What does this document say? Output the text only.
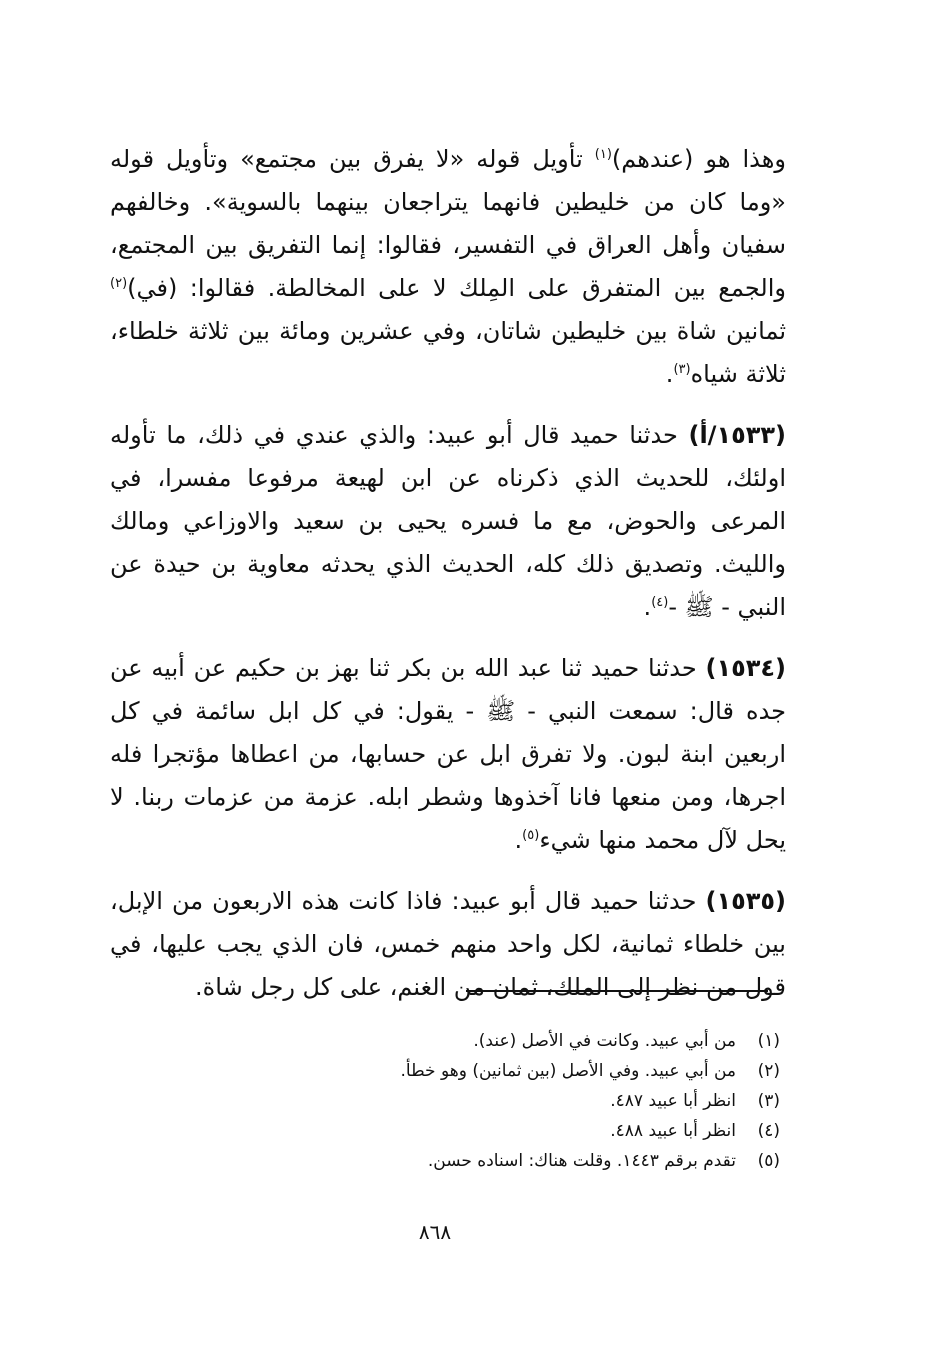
وهذا هو (عندهم)$^{(١)}$ تأويل قوله «لا يفرق بين مجتمع» وتأويل قوله «وما كان من خليطين فانهما يتراجعان بينهما بالسوية». وخالفهم سفيان وأهل العراق في التفسير، فقالوا: إنما التفريق بين المجتمع، والجمع بين المتفرق على المِلك لا على المخالطة. فقالوا: (في)$^{(٢)}$ ثمانين شاة بين خليطين شاتان، وفي عشرين ومائة بين ثلاثة خلطاء، ثلاثة شياه$^{(٣)}$.

(١٥٣٣/أ) حدثنا حميد قال أبو عبيد: والذي عندي في ذلك، ما تأوله اولئك، للحديث الذي ذكرناه عن ابن لهيعة مرفوعا مفسرا، في المرعى والحوض، مع ما فسره يحيى بن سعيد والاوزاعي ومالك والليث. وتصديق ذلك كله، الحديث الذي يحدثه معاوية بن حيدة عن النبي - ﷺ -$^{(٤)}$.

(١٥٣٤) حدثنا حميد ثنا عبد الله بن بكر ثنا بهز بن حكيم عن أبيه عن جده قال: سمعت النبي - ﷺ - يقول: في كل ابل سائمة في كل اربعين ابنة لبون. ولا تفرق ابل عن حسابها، من اعطاها مؤتجرا فله اجرها، ومن منعها فانا آخذوها وشطر ابله. عزمة من عزمات ربنا. لا يحل لآل محمد منها شيء$^{(٥)}$.

(١٥٣٥) حدثنا حميد قال أبو عبيد: فاذا كانت هذه الاربعون من الإبل، بين خلطاء ثمانية، لكل واحد منهم خمس، فان الذي يجب عليها، في قول من نظر إلى الملك، ثمان من الغنم، على كل رجل شاة.

(١)
من أبي عبيد. وكانت في الأصل (عند).
(٢)
من أبي عبيد. وفي الأصل (بين ثمانين) وهو خطأ.
(٣)
انظر أبا عبيد ٤٨٧.
(٤)
انظر أبا عبيد ٤٨٨.
(٥)
تقدم برقم ١٤٤٣. وقلت هناك: اسناده حسن.
٨٦٨
